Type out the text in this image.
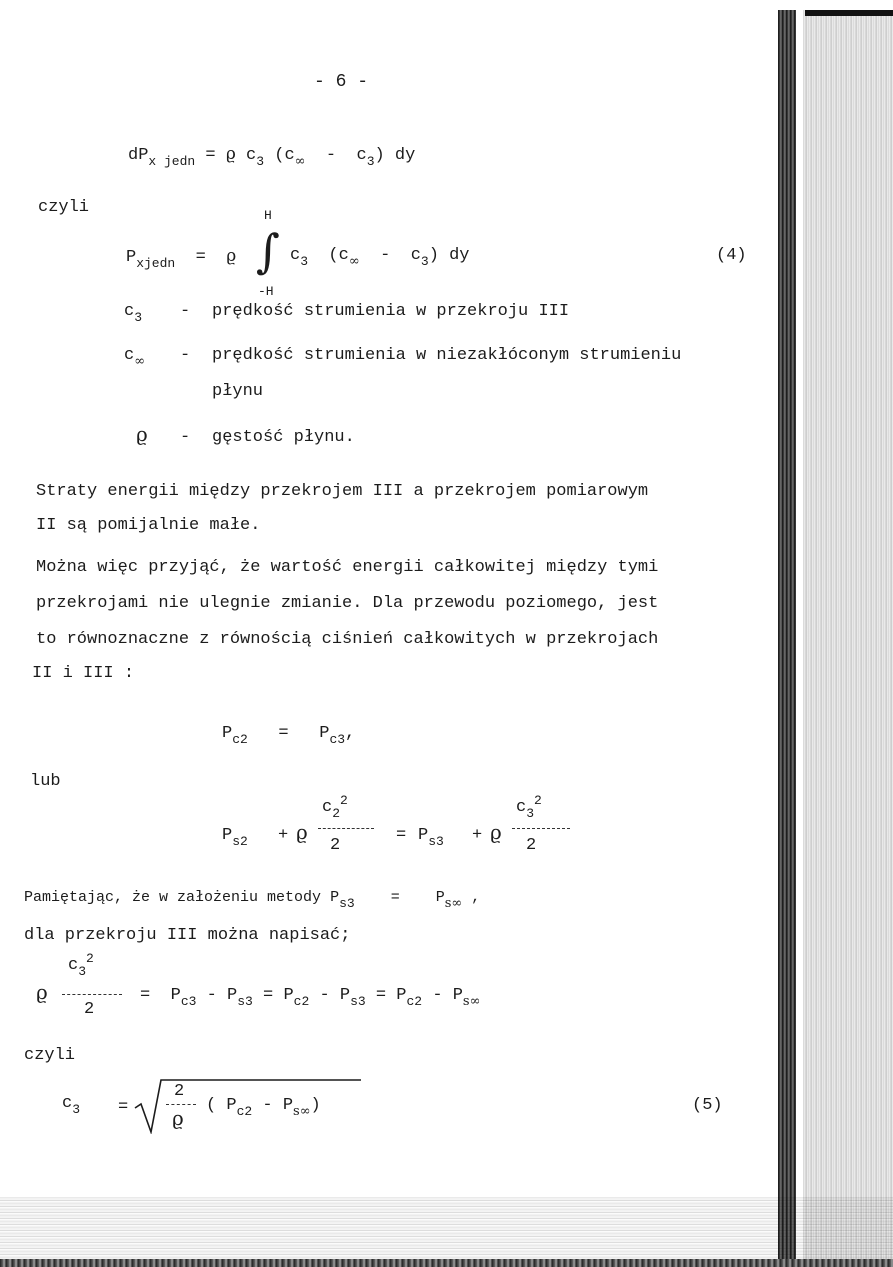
- 6 -
$dP_{x jedn} = ϱ$ $c_3$ $(c_\infty - c_3)$ dy
czyli	H
$P_{xjedn} = ϱ$ ∫ $c_3$ $(c_\infty - c_3)$ dy
-H
(4)
$c_3$ - prędkość strumienia w przekroju III
$c_\infty$ - prędkość strumienia w niezakłóconym strumieniu
płynu
ϱ - gęstość płynu.
Straty energii między przekrojem III a przekrojem pomiarowym
II są pomijalnie małe.
Można więc przyjąć, że wartość energii całkowitej między tymi
przekrojami nie ulegnie zmianie. Dla przewodu poziomego, jest
to równoznaczne z równością ciśnień całkowitych w przekrojach
II i III :
$P_{c2} = P_{c3}$,
lub
$P_{s2} + ϱ$
$c_2^2$
2
= $P_{s3} + ϱ$
$c_3^2$
2
Pamiętając, że w założeniu metody Ps3 = Ps∞ ,
dla przekroju III można napisać;
ϱ
$c_3^2$
2
= $P_{c3} - P_{s3} = P_{c2} - P_{s3} = P_{c2} - P_{s\infty}$
czyli
$c_3$ =
2
ϱ
( $P_{c2} - P_{s\infty}$)	(5)
